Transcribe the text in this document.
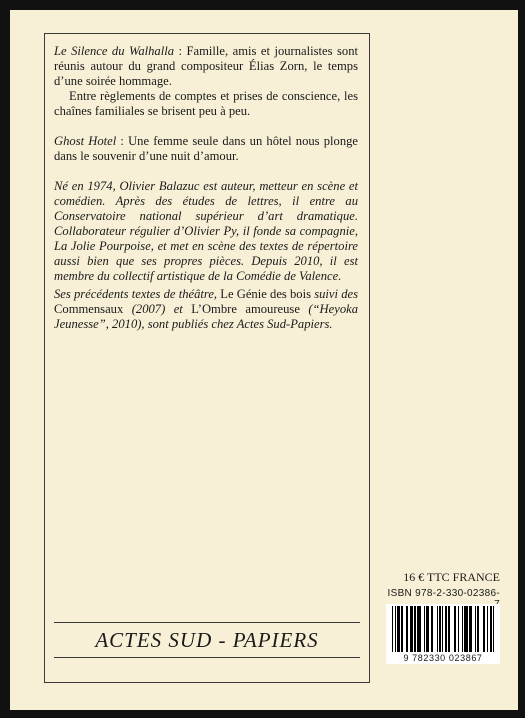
Le Silence du Walhalla : Famille, amis et journalistes sont réunis autour du grand compositeur Élias Zorn, le temps d’une soirée hommage.

Entre règlements de comptes et prises de conscience, les chaînes familiales se brisent peu à peu.

Ghost Hotel : Une femme seule dans un hôtel nous plonge dans le souvenir d’une nuit d’amour.

Né en 1974, Olivier Balazuc est auteur, metteur en scène et comédien. Après des études de lettres, il entre au Conservatoire national supérieur d’art dramatique. Collaborateur régulier d’Olivier Py, il fonde sa compagnie, La Jolie Pourpoise, et met en scène des textes de répertoire aussi bien que ses propres pièces. Depuis 2010, il est membre du collectif artistique de la Comédie de Valence.

Ses précédents textes de théâtre, Le Génie des bois suivi des Commensaux (2007) et L’Ombre amoureuse (“Heyoka Jeunesse”, 2010), sont publiés chez Actes Sud-Papiers.

ACTES SUD - PAPIERS
16 € TTC FRANCE
ISBN 978-2-330-02386-
9 782330 023867
